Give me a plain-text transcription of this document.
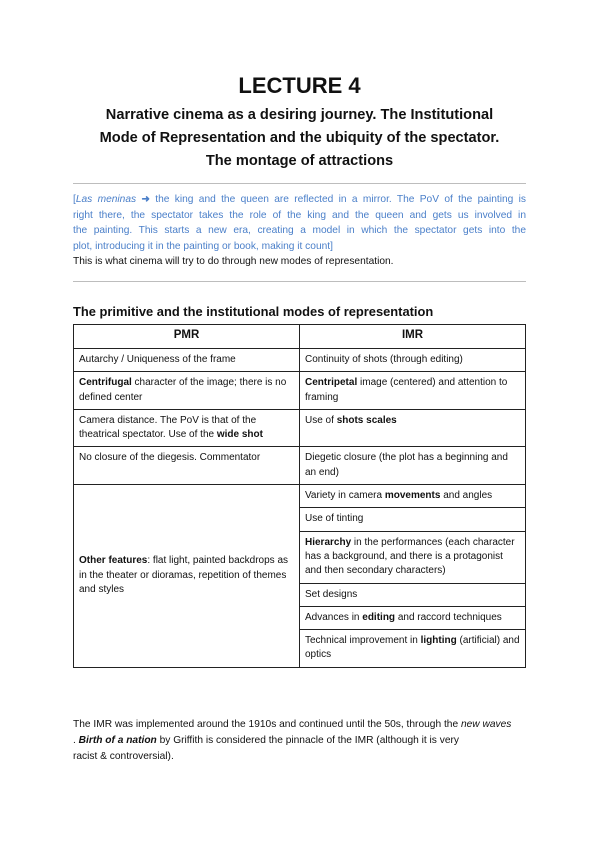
LECTURE 4
Narrative cinema as a desiring journey. The Institutional
Mode of Representation and the ubiquity of the spectator.
The montage of attractions
[Las meninas ➜ the king and the queen are reflected in a mirror. The PoV of the painting is
right there, the spectator takes the role of the king and the queen and gets us involved in
the painting. This starts a new era, creating a model in which the spectator gets into the
plot, introducing it in the painting or book, making it count]
This is what cinema will try to do through new modes of representation.
The primitive and the institutional modes of representation
PMR	IMR
Autarchy / Uniqueness of the frame	Continuity of shots (through editing)
Centrifugal character of the image; there is no defined center	Centripetal image (centered) and attention to framing
Camera distance. The PoV is that of the theatrical spectator. Use of the wide shot	Use of shots scales
No closure of the diegesis. Commentator	Diegetic closure (the plot has a beginning and an end)
Other features: flat light, painted backdrops as in the theater or dioramas, repetition of themes and styles	Variety in camera movements and angles
	Use of tinting
	Hierarchy in the performances (each character has a background, and there is a protagonist and then secondary characters)
	Set designs
	Advances in editing and raccord techniques
	Technical improvement in lighting (artificial) and optics
The IMR was implemented around the 1910s and continued until the 50s, through the new waves
. Birth of a nation by Griffith is considered the pinnacle of the IMR (although it is very
racist & controversial).
